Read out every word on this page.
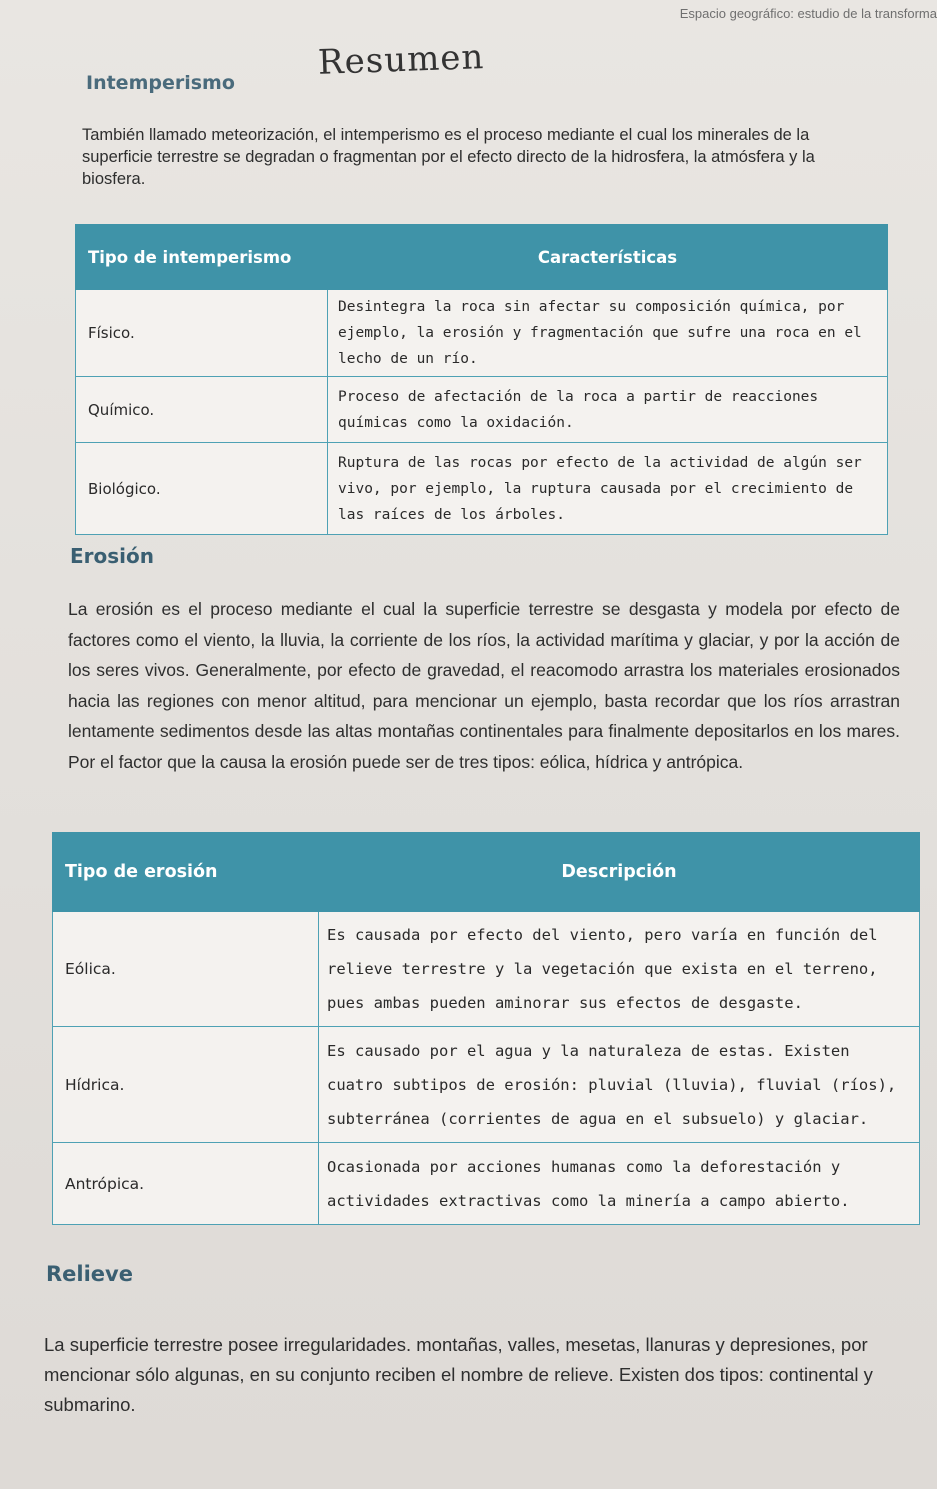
Espacio geográfico: estudio de la transforma
Resumen
Intemperismo
También llamado meteorización, el intemperismo es el proceso mediante el cual los minerales de la superficie terrestre se degradan o fragmentan por el efecto directo de la hidrosfera, la atmósfera y la biosfera.
Tipo de intemperismo	Características
Físico.	Desintegra la roca sin afectar su composición química, por ejemplo, la erosión y fragmentación que sufre una roca en el lecho de un río.
Químico.	Proceso de afectación de la roca a partir de reacciones químicas como la oxidación.
Biológico.	Ruptura de las rocas por efecto de la actividad de algún ser vivo, por ejemplo, la ruptura causada por el crecimiento de las raíces de los árboles.
Erosión
La erosión es el proceso mediante el cual la superficie terrestre se desgasta y modela por efecto de factores como el viento, la lluvia, la corriente de los ríos, la actividad marítima y glaciar, y por la acción de los seres vivos. Generalmente, por efecto de gravedad, el reacomodo arrastra los materiales erosionados hacia las regiones con menor altitud, para mencionar un ejemplo, basta recordar que los ríos arrastran lentamente sedimentos desde las altas montañas continentales para finalmente depositarlos en los mares. Por el factor que la causa la erosión puede ser de tres tipos: eólica, hídrica y antrópica.
Tipo de erosión	Descripción
Eólica.	Es causada por efecto del viento, pero varía en función del relieve terrestre y la vegetación que exista en el terreno, pues ambas pueden aminorar sus efectos de desgaste.
Hídrica.	Es causado por el agua y la naturaleza de estas. Existen cuatro subtipos de erosión: pluvial (lluvia), fluvial (ríos), subterránea (corrientes de agua en el subsuelo) y glaciar.
Antrópica.	Ocasionada por acciones humanas como la deforestación y actividades extractivas como la minería a campo abierto.
Relieve
La superficie terrestre posee irregularidades. montañas, valles, mesetas, llanuras y depresiones, por mencionar sólo algunas, en su conjunto reciben el nombre de relieve. Existen dos tipos: continental y submarino.
